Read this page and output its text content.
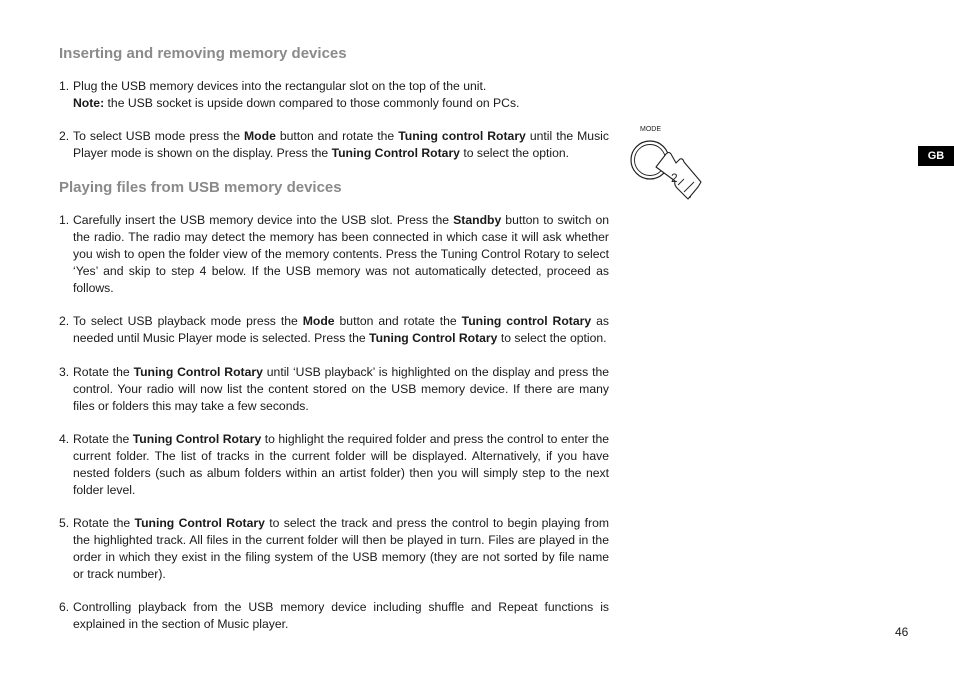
Inserting and removing memory devices
1. Plug the USB memory devices into the rectangular slot on the top of the unit.
Note: the USB socket is upside down compared to those commonly found on PCs.
2. To select USB mode press the Mode button and rotate the Tuning control Rotary until the Music Player mode is shown on the display. Press the Tuning Control Rotary to select the option.
Playing files from USB memory devices
1. Carefully insert the USB memory device into the USB slot. Press the Standby button to switch on the radio. The radio may detect the memory has been connected in which case it will ask whether you wish to open the folder view of the memory contents. Press the Tuning Control Rotary to select ‘Yes’ and skip to step 4 below. If the USB memory was not automatically detected, proceed as follows.
2. To select USB playback mode press the Mode button and rotate the Tuning control Rotary as needed until Music Player mode is selected. Press the Tuning Control Rotary to select the option.
3. Rotate the Tuning Control Rotary until ‘USB playback’ is highlighted on the display and press the control. Your radio will now list the content stored on the USB memory device. If there are many files or folders this may take a few seconds.
4. Rotate the Tuning Control Rotary to highlight the required folder and press the control to enter the current folder. The list of tracks in the current folder will be displayed. Alternatively, if you have nested folders (such as album folders within an artist folder) then you will simply step to the next folder level.
5. Rotate the Tuning Control Rotary to select the track and press the control to begin playing from the highlighted track. All files in the current folder will then be played in turn. Files are played in the order in which they exist in the filing system of the USB memory (they are not sorted by file name or track number).
6. Controlling playback from the USB memory device including shuffle and Repeat functions is explained in the section of Music player.
MODE
2
GB
46
